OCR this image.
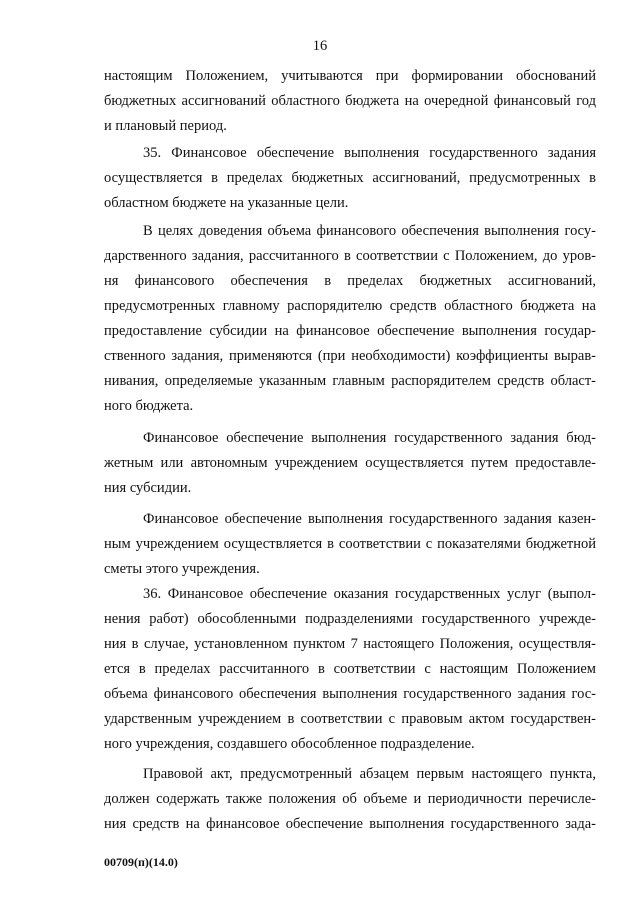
16
настоящим Положением, учитываются при формировании обоснований
бюджетных ассигнований областного бюджета на очередной финансовый год
и плановый период.
35. Финансовое обеспечение выполнения государственного задания
осуществляется в пределах бюджетных ассигнований, предусмотренных в
областном бюджете на указанные цели.
В целях доведения объема финансового обеспечения выполнения госу-
дарственного задания, рассчитанного в соответствии с Положением, до уров-
ня финансового обеспечения в пределах бюджетных ассигнований,
предусмотренных главному распорядителю средств областного бюджета на
предоставление субсидии на финансовое обеспечение выполнения государ-
ственного задания, применяются (при необходимости) коэффициенты вырав-
нивания, определяемые указанным главным распорядителем средств област-
ного бюджета.
Финансовое обеспечение выполнения государственного задания бюд-
жетным или автономным учреждением осуществляется путем предоставле-
ния субсидии.
Финансовое обеспечение выполнения государственного задания казен-
ным учреждением осуществляется в соответствии с показателями бюджетной
сметы этого учреждения.
36. Финансовое обеспечение оказания государственных услуг (выпол-
нения работ) обособленными подразделениями государственного учрежде-
ния в случае, установленном пунктом 7 настоящего Положения, осуществля-
ется в пределах рассчитанного в соответствии с настоящим Положением
объема финансового обеспечения выполнения государственного задания гос-
ударственным учреждением в соответствии с правовым актом государствен-
ного учреждения, создавшего обособленное подразделение.
Правовой акт, предусмотренный абзацем первым настоящего пункта,
должен содержать также положения об объеме и периодичности перечисле-
ния средств на финансовое обеспечение выполнения государственного зада-
00709(п)(14.0)
